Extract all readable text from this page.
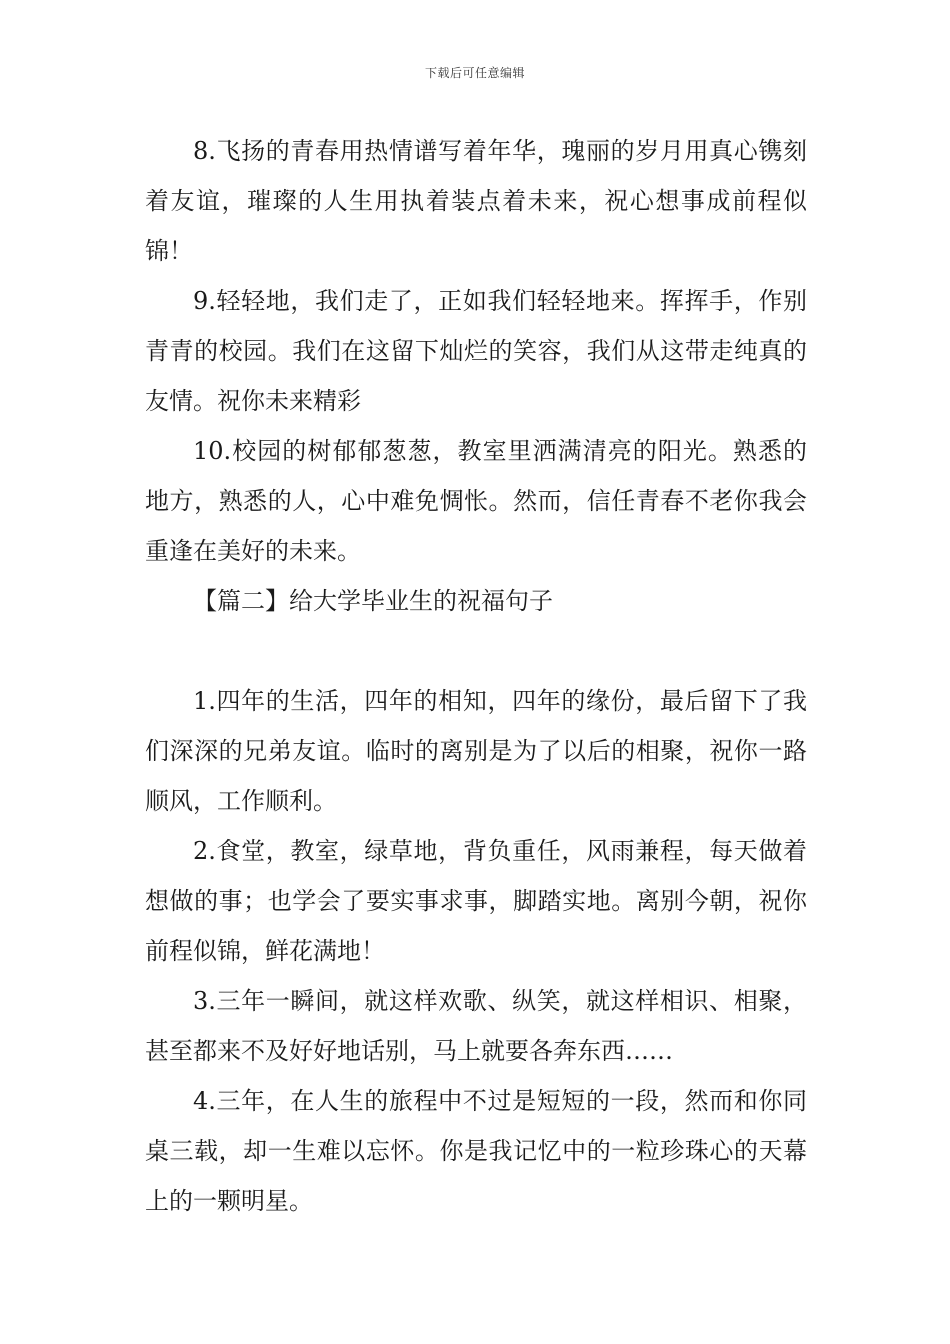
下载后可任意编辑

8.飞扬的青春用热情谱写着年华，瑰丽的岁月用真心镌刻着友谊，璀璨的人生用执着装点着未来，祝心想事成前程似锦！

9.轻轻地，我们走了，正如我们轻轻地来。挥挥手，作别青青的校园。我们在这留下灿烂的笑容，我们从这带走纯真的友情。祝你未来精彩

10.校园的树郁郁葱葱，教室里洒满清亮的阳光。熟悉的地方，熟悉的人，心中难免惆怅。然而，信任青春不老你我会重逢在美好的未来。

【篇二】给大学毕业生的祝福句子

1.四年的生活，四年的相知，四年的缘份，最后留下了我们深深的兄弟友谊。临时的离别是为了以后的相聚，祝你一路顺风，工作顺利。

2.食堂，教室，绿草地，背负重任，风雨兼程，每天做着想做的事；也学会了要实事求事，脚踏实地。离别今朝，祝你前程似锦，鲜花满地！

3.三年一瞬间，就这样欢歌、纵笑，就这样相识、相聚，甚至都来不及好好地话别，马上就要各奔东西……

4.三年，在人生的旅程中不过是短短的一段，然而和你同桌三载，却一生难以忘怀。你是我记忆中的一粒珍珠心的天幕上的一颗明星。
